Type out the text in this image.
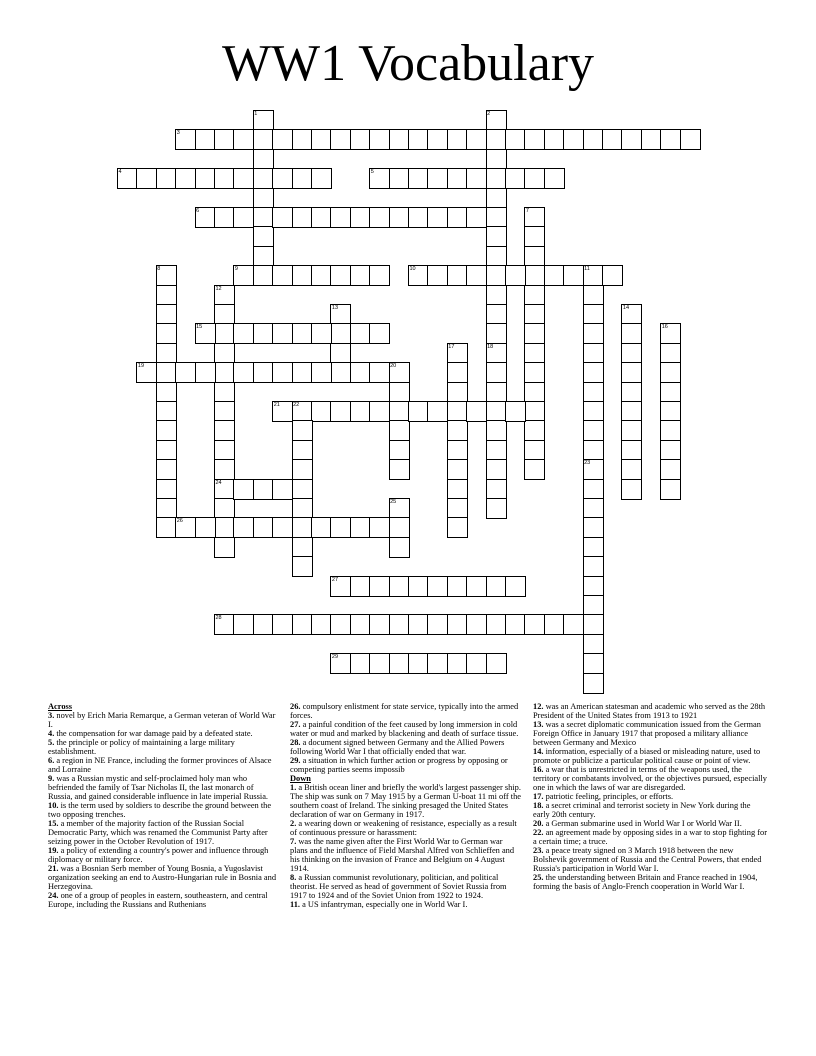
WW1 Vocabulary
1	2
3
4	5
6	7
8	9	10	11
12
13	14
15	16
17	18
19	20
21 22
23
24
25
26
27
28
29

Across

3. novel by Erich Maria Remarque, a German veteran of World War I.

4. the compensation for war damage paid by a defeated state.

5. the principle or policy of maintaining a large military establishment.

6. a region in NE France, including the former provinces of Alsace and Lorraine

9. was a Russian mystic and self-proclaimed holy man who befriended the family of Tsar Nicholas II, the last monarch of Russia, and gained considerable influence in late imperial Russia.

10. is the term used by soldiers to describe the ground between the two opposing trenches.

15. a member of the majority faction of the Russian Social Democratic Party, which was renamed the Communist Party after seizing power in the October Revolution of 1917.

19. a policy of extending a country's power and influence through diplomacy or military force.

21. was a Bosnian Serb member of Young Bosnia, a Yugoslavist organization seeking an end to Austro-Hungarian rule in Bosnia and Herzegovina.

24. one of a group of peoples in eastern, southeastern, and central Europe, including the Russians and Ruthenians

26. compulsory enlistment for state service, typically into the armed forces.

27. a painful condition of the feet caused by long immersion in cold water or mud and marked by blackening and death of surface tissue.

28. a document signed between Germany and the Allied Powers following World War I that officially ended that war.

29. a situation in which further action or progress by opposing or competing parties seems impossib

Down

1. a British ocean liner and briefly the world's largest passenger ship. The ship was sunk on 7 May 1915 by a German U-boat 11 mi off the southern coast of Ireland. The sinking presaged the United States declaration of war on Germany in 1917.

2. a wearing down or weakening of resistance, especially as a result of continuous pressure or harassment:

7. was the name given after the First World War to German war plans and the influence of Field Marshal Alfred von Schlieffen and his thinking on the invasion of France and Belgium on 4 August 1914.

8. a Russian communist revolutionary, politician, and political theorist. He served as head of government of Soviet Russia from 1917 to 1924 and of the Soviet Union from 1922 to 1924.

11. a US infantryman, especially one in World War I.

12. was an American statesman and academic who served as the 28th President of the United States from 1913 to 1921

13. was a secret diplomatic communication issued from the German Foreign Office in January 1917 that proposed a military alliance between Germany and Mexico

14. information, especially of a biased or misleading nature, used to promote or publicize a particular political cause or point of view.

16. a war that is unrestricted in terms of the weapons used, the territory or combatants involved, or the objectives pursued, especially one in which the laws of war are disregarded.

17. patriotic feeling, principles, or efforts.

18. a secret criminal and terrorist society in New York during the early 20th century.

20. a German submarine used in World War I or World War II.

22. an agreement made by opposing sides in a war to stop fighting for a certain time; a truce.

23. a peace treaty signed on 3 March 1918 between the new Bolshevik government of Russia and the Central Powers, that ended Russia's participation in World War I.

25. the understanding between Britain and France reached in 1904, forming the basis of Anglo-French cooperation in World War I.
